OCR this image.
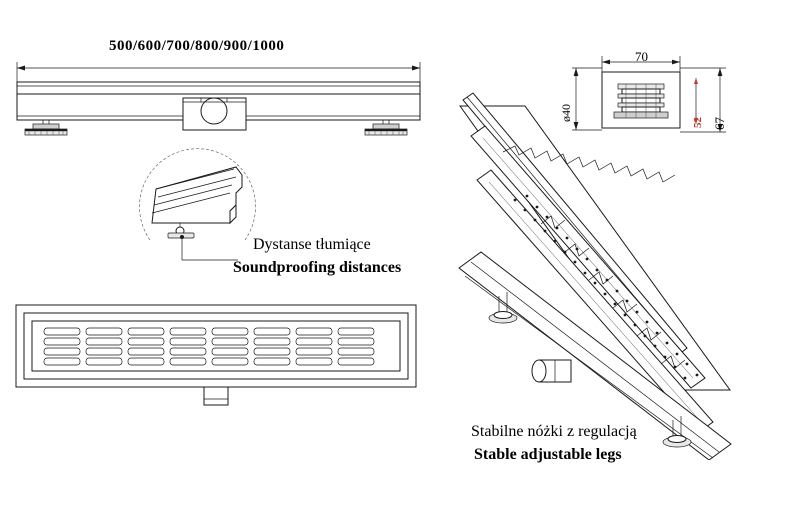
500/600/700/800/900/1000
Dystanse tłumiące
Soundproofing distances
70
ø40
67
52
Stabilne nóżki z regulacją
Stable adjustable legs
